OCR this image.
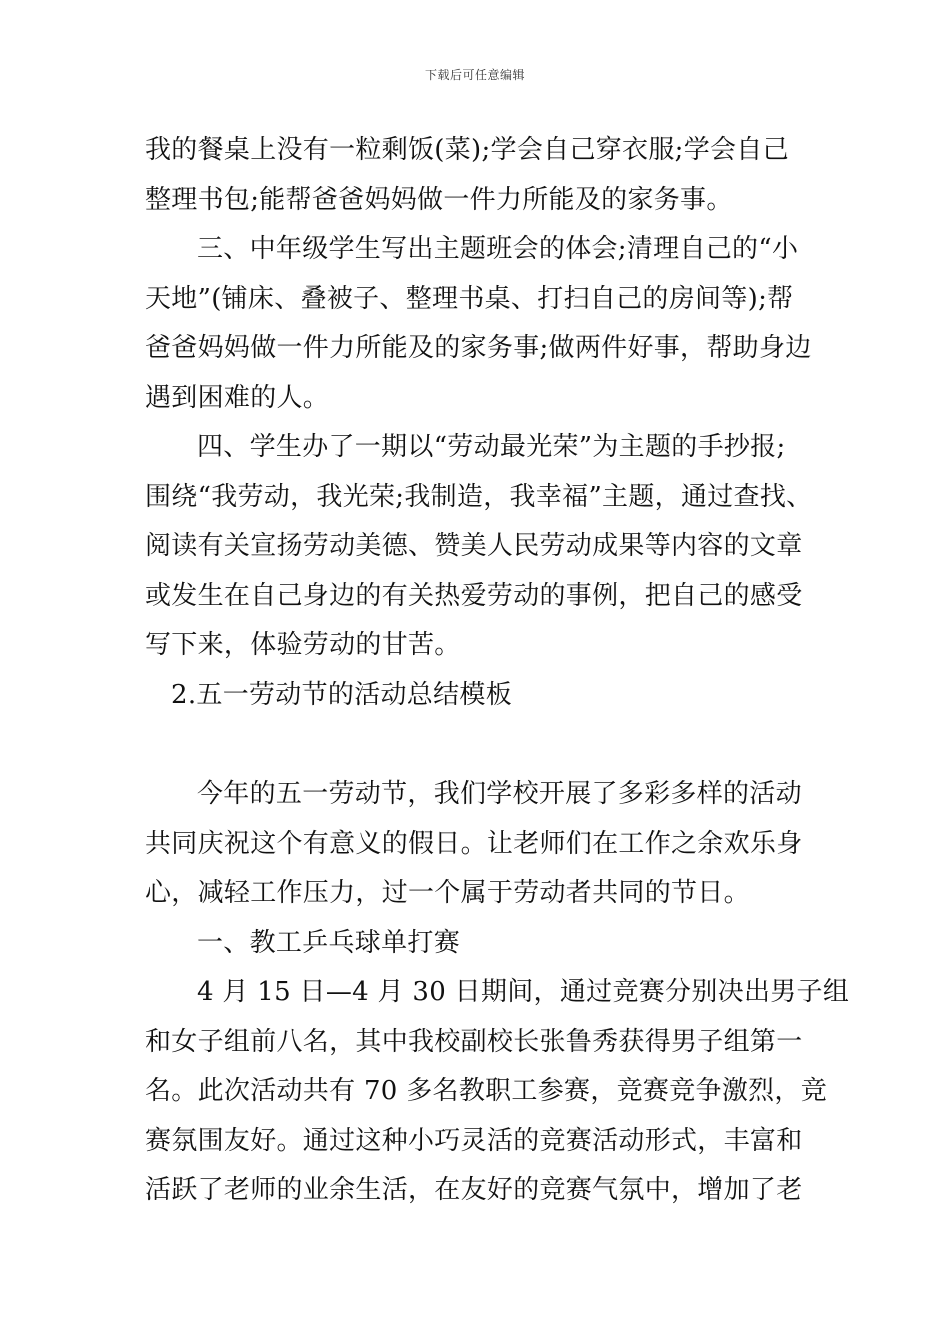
下载后可任意编辑
我的餐桌上没有一粒剩饭(菜);学会自己穿衣服;学会自己
整理书包;能帮爸爸妈妈做一件力所能及的家务事。
三、中年级学生写出主题班会的体会;清理自己的“小
天地”(铺床、叠被子、整理书桌、打扫自己的房间等);帮
爸爸妈妈做一件力所能及的家务事;做两件好事，帮助身边
遇到困难的人。
四、学生办了一期以“劳动最光荣”为主题的手抄报;
围绕“我劳动，我光荣;我制造，我幸福”主题，通过查找、
阅读有关宣扬劳动美德、赞美人民劳动成果等内容的文章
或发生在自己身边的有关热爱劳动的事例，把自己的感受
写下来，体验劳动的甘苦。
2.五一劳动节的活动总结模板
今年的五一劳动节，我们学校开展了多彩多样的活动
共同庆祝这个有意义的假日。让老师们在工作之余欢乐身
心，减轻工作压力，过一个属于劳动者共同的节日。
一、教工乒乓球单打赛
4 月 15 日—4 月 30 日期间，通过竞赛分别决出男子组
和女子组前八名，其中我校副校长张鲁秀获得男子组第一
名。此次活动共有 70 多名教职工参赛，竞赛竞争激烈，竞
赛氛围友好。通过这种小巧灵活的竞赛活动形式，丰富和
活跃了老师的业余生活，在友好的竞赛气氛中，增加了老
